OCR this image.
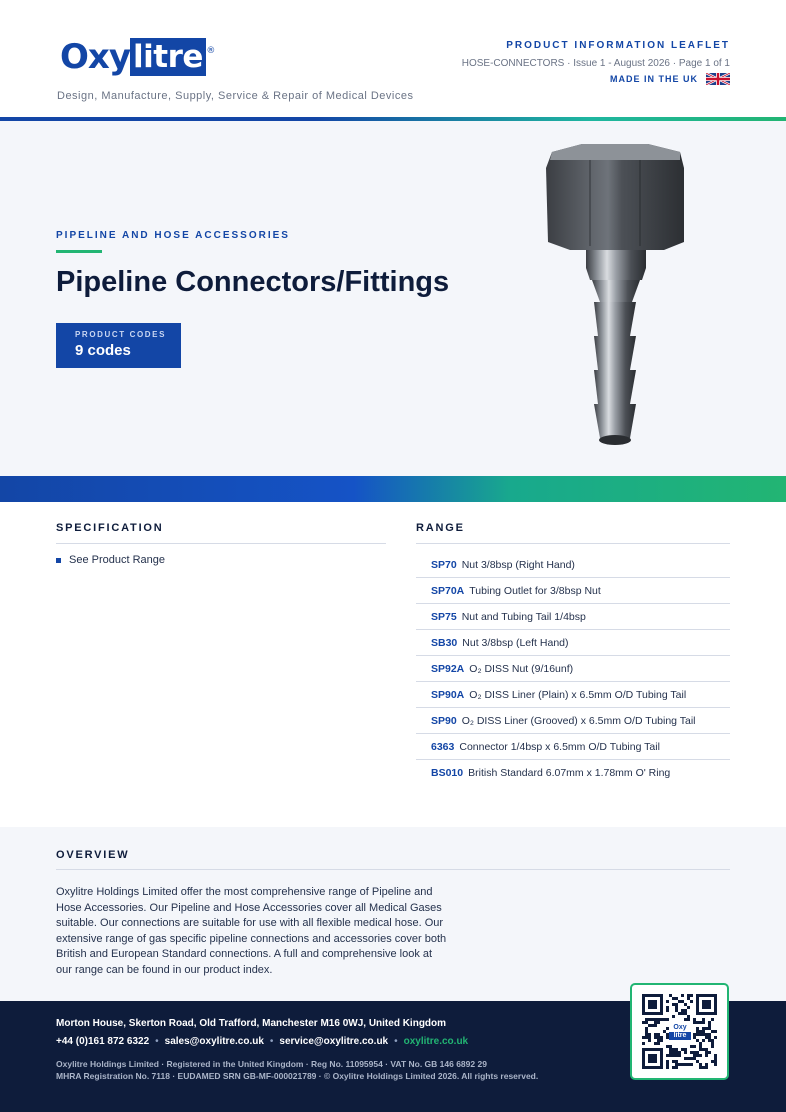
Oxy litre ®
Design, Manufacture, Supply, Service & Repair of Medical Devices
PRODUCT INFORMATION LEAFLET
HOSE-CONNECTORS · Issue 1 - August 2026 · Page 1 of 1
MADE IN THE UK
PIPELINE AND HOSE ACCESSORIES
Pipeline Connectors/Fittings
PRODUCT CODES
9 codes
SPECIFICATION
See Product Range
RANGE
SP70 Nut 3/8bsp (Right Hand)
SP70A Tubing Outlet for 3/8bsp Nut
SP75 Nut and Tubing Tail 1/4bsp
SB30 Nut 3/8bsp (Left Hand)
SP92A O₂ DISS Nut (9/16unf)
SP90A O₂ DISS Liner (Plain) x 6.5mm O/D Tubing Tail
SP90 O₂ DISS Liner (Grooved) x 6.5mm O/D Tubing Tail
6363 Connector 1/4bsp x 6.5mm O/D Tubing Tail
BS010 British Standard 6.07mm x 1.78mm O' Ring
OVERVIEW
Oxylitre Holdings Limited offer the most comprehensive range of Pipeline and
Hose Accessories. Our Pipeline and Hose Accessories cover all Medical Gases
suitable. Our connections are suitable for use with all flexible medical hose. Our
extensive range of gas specific pipeline connections and accessories cover both
British and European Standard connections. A full and comprehensive look at
our range can be found in our product index.
Morton House, Skerton Road, Old Trafford, Manchester M16 0WJ, United Kingdom
+44 (0)161 872 6322 • sales@oxylitre.co.uk • service@oxylitre.co.uk • oxylitre.co.uk
Oxylitre Holdings Limited · Registered in the United Kingdom · Reg No. 11095954 · VAT No. GB 146 6892 29
MHRA Registration No. 7118 · EUDAMED SRN GB-MF-000021789 · © Oxylitre Holdings Limited 2026. All rights reserved.
Oxy
litre
